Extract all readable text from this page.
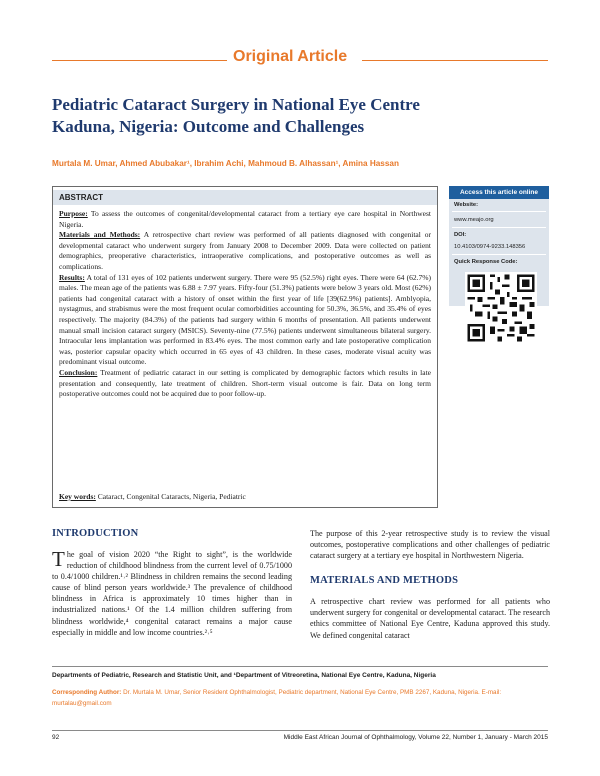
Original Article
Pediatric Cataract Surgery in National Eye Centre
Kaduna, Nigeria: Outcome and Challenges
Murtala M. Umar, Ahmed Abubakar¹, Ibrahim Achi, Mahmoud B. Alhassan¹, Amina Hassan
ABSTRACT

Purpose: To assess the outcomes of congenital/developmental cataract from a tertiary eye care hospital in Northwest Nigeria.

Materials and Methods: A retrospective chart review was performed of all patients diagnosed with congenital or developmental cataract who underwent surgery from January 2008 to December 2009. Data were collected on patient demographics, preoperative characteristics, intraoperative complications, and postoperative outcomes as well as complications.

Results: A total of 131 eyes of 102 patients underwent surgery. There were 95 (52.5%) right eyes. There were 64 (62.7%) males. The mean age of the patients was 6.88 ± 7.97 years. Fifty-four (51.3%) patients were below 3 years old. Most (62%) patients had congenital cataract with a history of onset within the first year of life [39(62.9%) patients]. Amblyopia, nystagmus, and strabismus were the most frequent ocular comorbidities accounting for 50.3%, 36.5%, and 35.4% of eyes respectively. The majority (84.3%) of the patients had surgery within 6 months of presentation. All patients underwent manual small incision cataract surgery (MSICS). Seventy-nine (77.5%) patients underwent simultaneous bilateral surgery. Intraocular lens implantation was performed in 83.4% eyes. The most common early and late postoperative complication was, posterior capsular opacity which occurred in 65 eyes of 43 children. In these cases, moderate visual acuity was predominant visual outcome.

Conclusion: Treatment of pediatric cataract in our setting is complicated by demographic factors which results in late presentation and consequently, late treatment of children. Short-term visual outcome is fair. Data on long term postoperative outcomes could not be acquired due to poor follow-up.

Key words: Cataract, Congenital Cataracts, Nigeria, Pediatric
Access this article online
Website:
www.meajo.org
DOI:
10.4103/0974-9233.148356
Quick Response Code:
INTRODUCTION
The goal of vision 2020 “the Right to sight”, is the worldwide reduction of childhood blindness from the current level of 0.75/1000 to 0.4/1000 children.¹˒² Blindness in children remains the second leading cause of blind person years worldwide.³ The prevalence of childhood blindness in Africa is approximately 10 times higher than in industrialized nations.¹ Of the 1.4 million children suffering from blindness worldwide,⁴ congenital cataract remains a major cause especially in middle and low income countries.²˒⁵
The purpose of this 2-year retrospective study is to review the visual outcomes, postoperative complications and other challenges of pediatric cataract surgery at a tertiary eye hospital in Northwestern Nigeria.
MATERIALS AND METHODS
A retrospective chart review was performed for all patients who underwent surgery for congenital or developmental cataract. The research ethics committee of National Eye Centre, Kaduna approved this study. We defined congenital cataract
Departments of Pediatric, Research and Statistic Unit, and ¹Department of Vitreoretina, National Eye Centre, Kaduna, Nigeria
Corresponding Author: Dr. Murtala M. Umar, Senior Resident Ophthalmologist, Pediatric department, National Eye Centre, PMB 2267, Kaduna, Nigeria. E-mail: murtalau@gmail.com
92	Middle East African Journal of Ophthalmology, Volume 22, Number 1, January - March 2015
